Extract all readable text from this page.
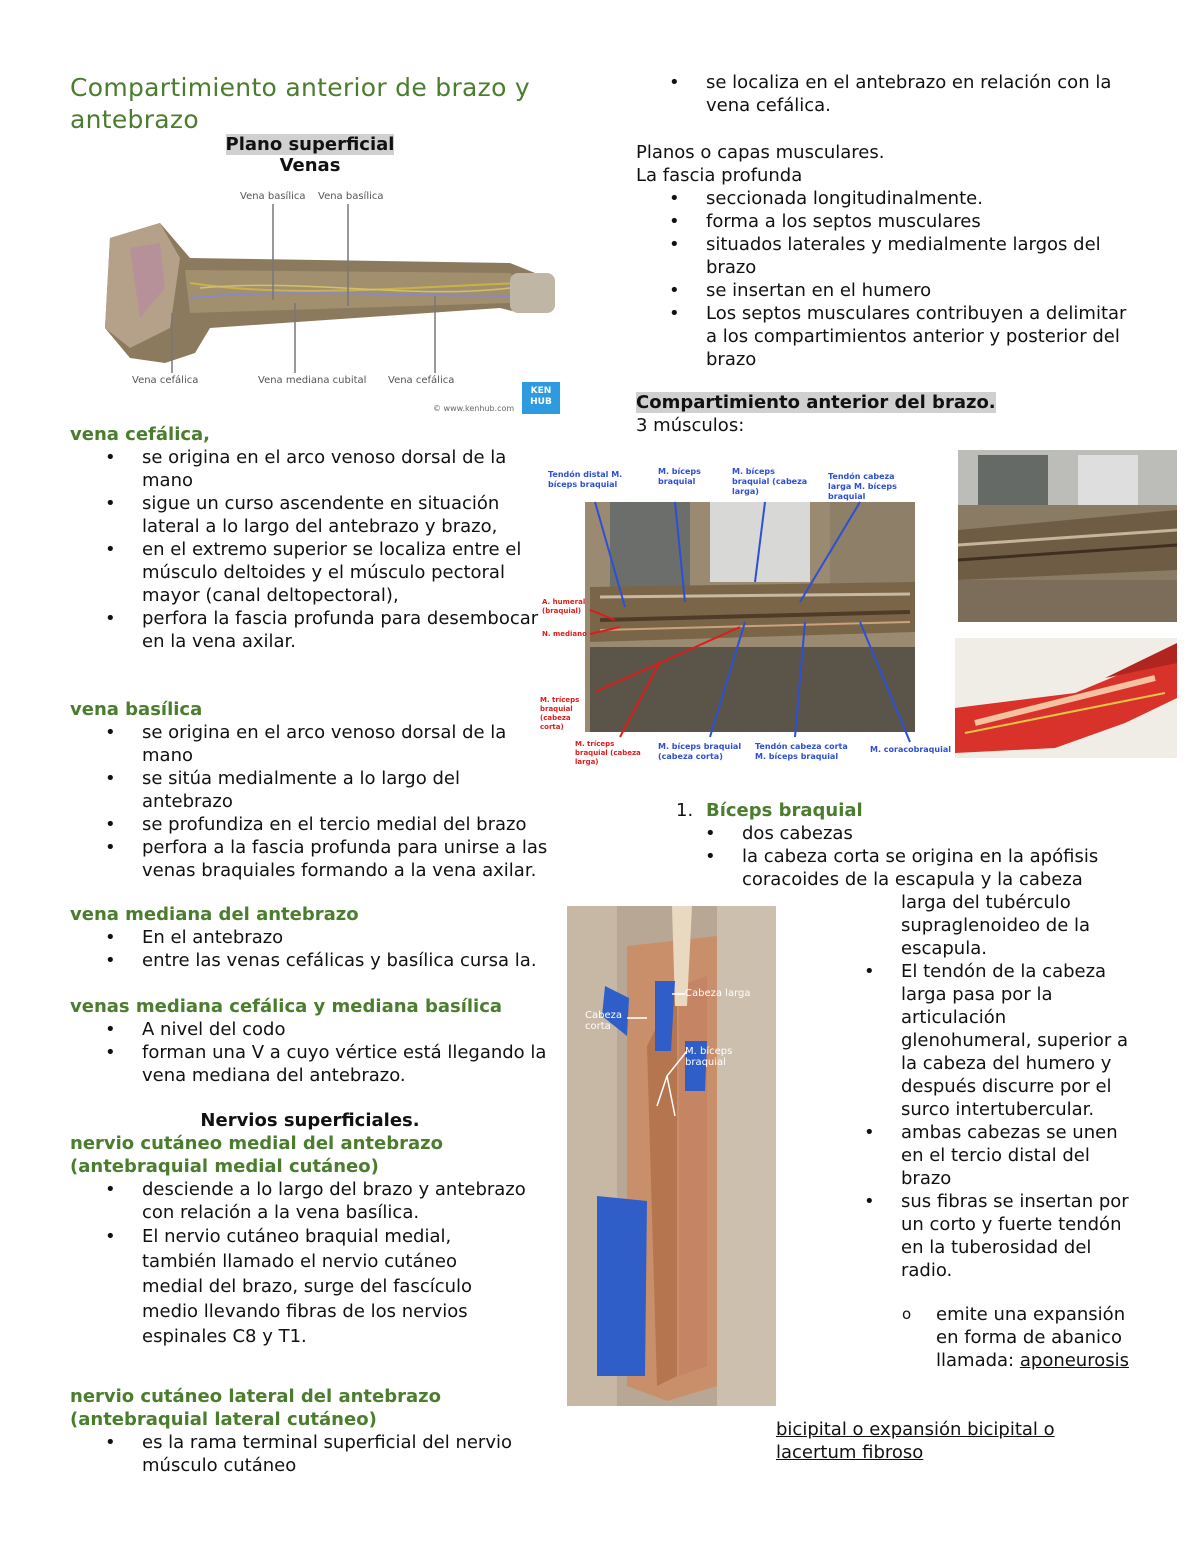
Compartimiento anterior de brazo y antebrazo
Plano superficial
Venas
Vena basílica Vena basílica
Vena cefálica	Vena mediana cubital Vena cefálica
KEN HUB
© www.kenhub.com
vena cefálica,
• se origina en el arco venoso dorsal de la mano
• sigue un curso ascendente en situación lateral a lo largo del antebrazo y brazo,
• en el extremo superior se localiza entre el músculo deltoides y el músculo pectoral mayor (canal deltopectoral),
• perfora la fascia profunda para desembocar en la vena axilar.
vena basílica
• se origina en el arco venoso dorsal de la mano
• se sitúa medialmente a lo largo del antebrazo
• se profundiza en el tercio medial del brazo
• perfora a la fascia profunda para unirse a las venas braquiales formando a la vena axilar.
vena mediana del antebrazo
• En el antebrazo
• entre las venas cefálicas y basílica cursa la.
venas mediana cefálica y mediana basílica
• A nivel del codo
• forman una V a cuyo vértice está llegando la vena mediana del antebrazo.
Nervios superficiales.
nervio cutáneo medial del antebrazo (antebraquial medial cutáneo)
• desciende a lo largo del brazo y antebrazo con relación a la vena basílica.
• El nervio cutáneo braquial medial, también llamado el nervio cutáneo medial del brazo, surge del fascículo medio llevando fibras de los nervios espinales C8 y T1.
nervio cutáneo lateral del antebrazo (antebraquial lateral cutáneo)
• es la rama terminal superficial del nervio músculo cutáneo
• se localiza en el antebrazo en relación con la vena cefálica.
Planos o capas musculares.
La fascia profunda
• seccionada longitudinalmente.
• forma a los septos musculares
• situados laterales y medialmente largos del brazo
• se insertan en el humero
• Los septos musculares contribuyen a delimitar a los compartimientos anterior y posterior del brazo
Compartimiento anterior del brazo.
3 músculos:
Tendón distal M. bíceps braquial
M. bíceps braquial
M. bíceps braquial (cabeza larga)
Tendón cabeza larga M. bíceps braquial
A. humeral (braquial)
N. mediano
M. tríceps braquial (cabeza corta)
M. tríceps braquial (cabeza larga)
M. bíceps braquial (cabeza corta)
Tendón cabeza corta M. bíceps braquial
M. coracobraquial
1. Bíceps braquial
• dos cabezas
• la cabeza corta se origina en la apófisis coracoides de la escapula y la cabeza
larga del tubérculo supraglenoideo de la escapula.
• El tendón de la cabeza larga pasa por la articulación glenohumeral, superior a la cabeza del humero y después discurre por el surco intertubercular.
• ambas cabezas se unen en el tercio distal del brazo
• sus fibras se insertan por un corto y fuerte tendón en la tuberosidad del radio.
o emite una expansión en forma de abanico llamada: aponeurosis
bicipital o expansión bicipital o
lacertum fibroso
Cabeza larga
Cabeza corta
M. bíceps braquial
